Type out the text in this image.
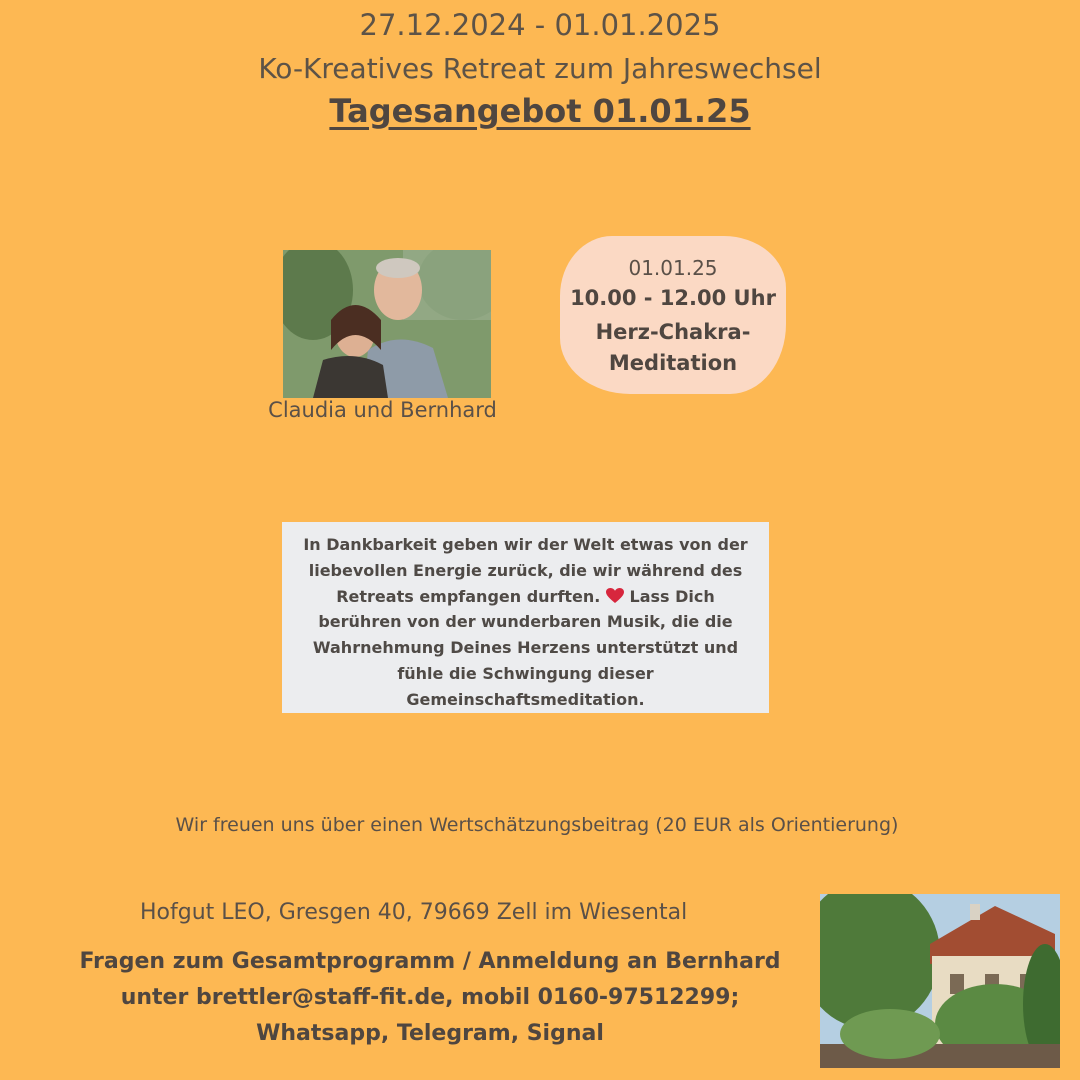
27.12.2024 - 01.01.2025
Ko-Kreatives Retreat zum Jahreswechsel
Tagesangebot 01.01.25
Claudia und Bernhard
01.01.25
10.00 - 12.00 Uhr
Herz-Chakra-
Meditation
In Dankbarkeit geben wir der Welt etwas von der liebevollen Energie zurück, die wir während des Retreats empfangen durften. Lass Dich berühren von der wunderbaren Musik, die die Wahrnehmung Deines Herzens unterstützt und fühle die Schwingung dieser Gemeinschaftsmeditation.
Wir freuen uns über einen Wertschätzungsbeitrag (20 EUR als Orientierung)
Hofgut LEO, Gresgen 40, 79669 Zell im Wiesental
Fragen zum Gesamtprogramm / Anmeldung an Bernhard
unter brettler@staff-fit.de, mobil 0160-97512299;
Whatsapp, Telegram, Signal
